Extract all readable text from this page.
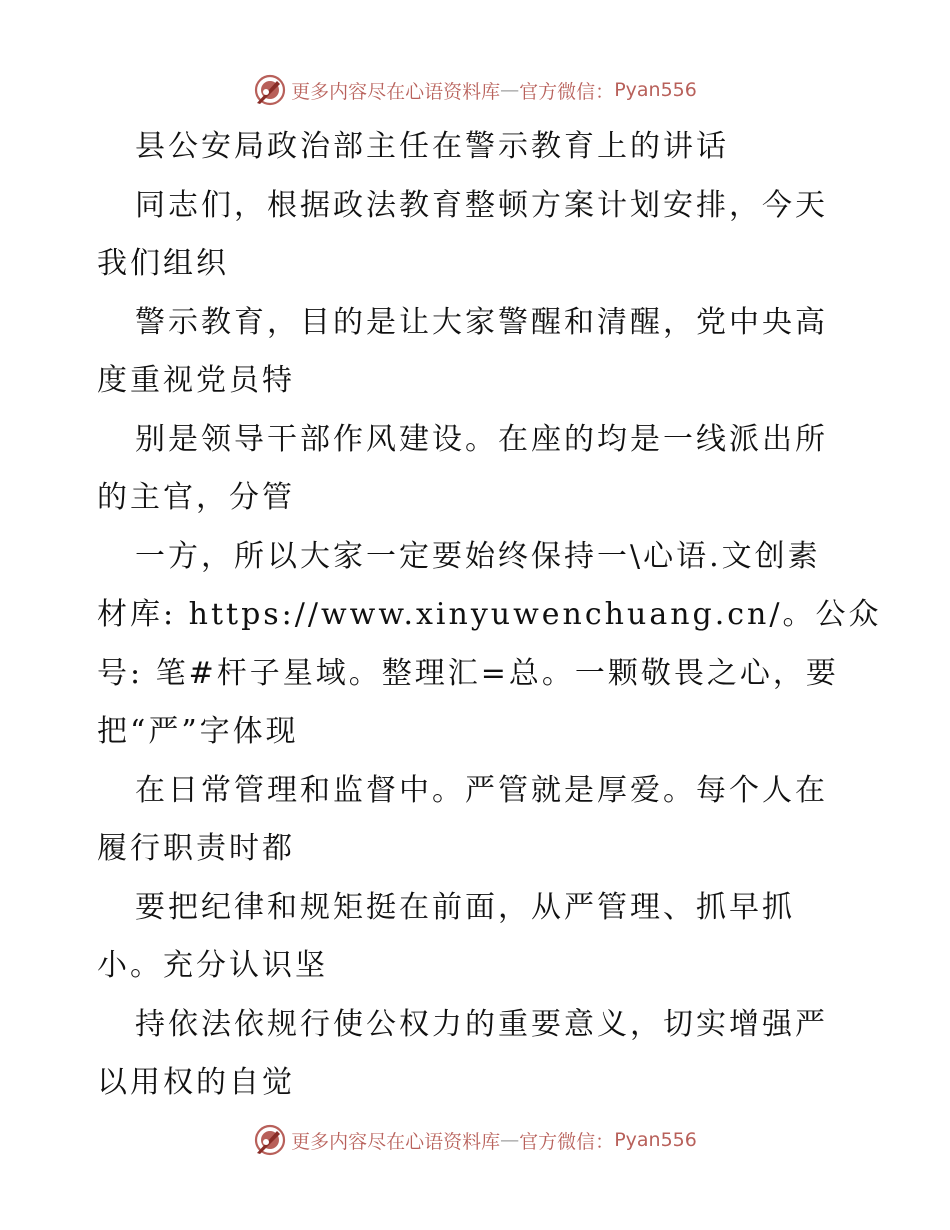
更多内容尽在心语资料库 — 官方微信： Pyan556

县公安局政治部主任在警示教育上的讲话

同志们，根据政法教育整顿方案计划安排，今天
我们组织
警示教育，目的是让大家警醒和清醒，党中央高
度重视党员特
别是领导干部作风建设。在座的均是一线派出所
的主官，分管
一方，所以大家一定要始终保持一\心语.文创素
材库: https://www.xinyuwenchuang.cn/。公众
号: 笔#杆子星域。整理汇=总。一颗敬畏之心，要
把“严”字体现
在日常管理和监督中。严管就是厚爱。每个人在
履行职责时都
要把纪律和规矩挺在前面，从严管理、抓早抓
小。充分认识坚
持依法依规行使公权力的重要意义，切实增强严
以用权的自觉
更多内容尽在心语资料库 — 官方微信： Pyan556
